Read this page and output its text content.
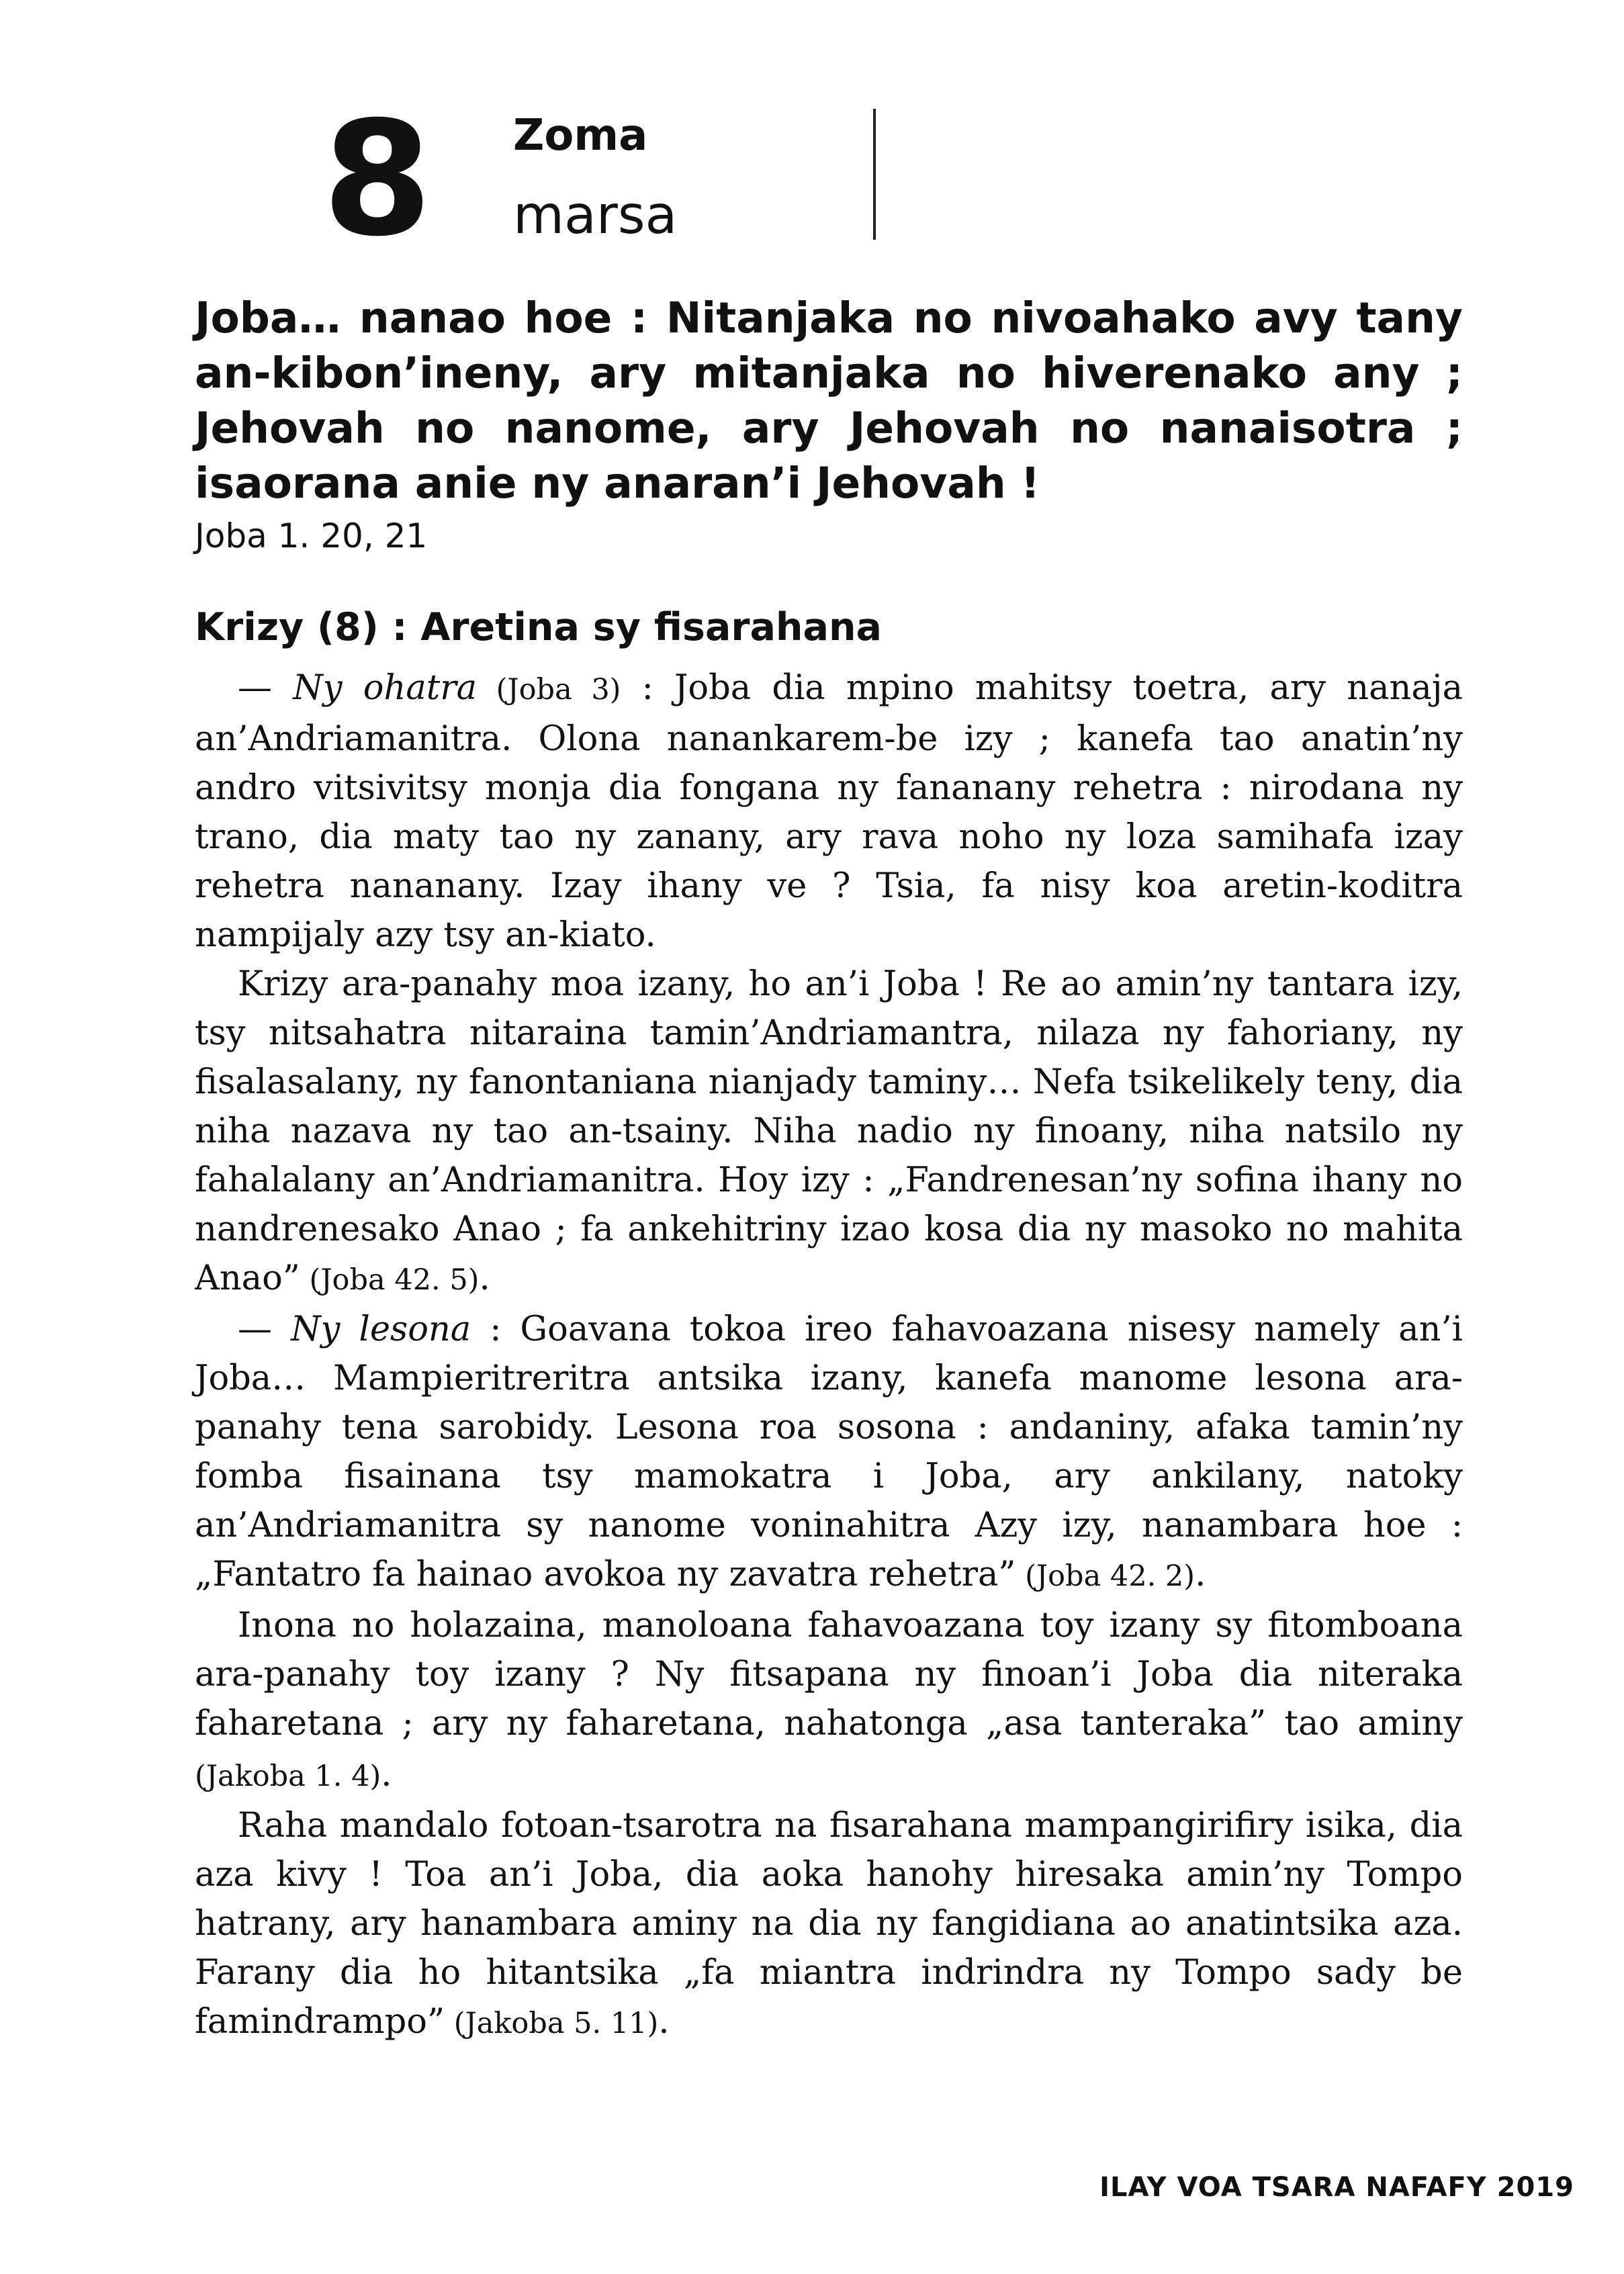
8 Zoma
marsa
Joba… nanao hoe : Nitanjaka no nivoahako avy tany an-kibon’ineny, ary mitanjaka no hiverenako any ; Jehovah no nanome, ary Jehovah no nanaisotra ; isaorana anie ny anaran’i Jehovah !
Joba 1. 20, 21
Krizy (8) : Aretina sy fisarahana

— Ny ohatra (Joba 3) : Joba dia mpino mahitsy toetra, ary nanaja an’Andriamanitra. Olona nanankarem-be izy ; kanefa tao anatin’ny andro vitsivitsy monja dia fongana ny fananany rehetra : nirodana ny trano, dia maty tao ny zanany, ary rava noho ny loza samihafa izay rehetra nananany. Izay ihany ve ? Tsia, fa nisy koa aretin-koditra nampijaly azy tsy an-kiato.

Krizy ara-panahy moa izany, ho an’i Joba ! Re ao amin’ny tantara izy, tsy nitsahatra nitaraina tamin’Andriamantra, nilaza ny fahoriany, ny fisalasalany, ny fanontaniana nianjady taminy… Nefa tsikelikely teny, dia niha nazava ny tao an-tsainy. Niha nadio ny finoany, niha natsilo ny fahalalany an’Andriamanitra. Hoy izy : „Fandrenesan’ny sofina ihany no nandrenesako Anao ; fa ankehitriny izao kosa dia ny masoko no mahita Anao” (Joba 42. 5).

— Ny lesona : Goavana tokoa ireo fahavoazana nisesy namely an’i Joba… Mampieritreritra antsika izany, kanefa manome lesona ara-panahy tena sarobidy. Lesona roa sosona : andaniny, afaka tamin’ny fomba fisainana tsy mamokatra i Joba, ary ankilany, natoky an’Andriamanitra sy nanome voninahitra Azy izy, nanambara hoe : „Fantatro fa hainao avokoa ny zavatra rehetra” (Joba 42. 2).

Inona no holazaina, manoloana fahavoazana toy izany sy fitomboana ara-panahy toy izany ? Ny fitsapana ny finoan’i Joba dia niteraka faharetana ; ary ny faharetana, nahatonga „asa tanteraka” tao aminy (Jakoba 1. 4).

Raha mandalo fotoan-tsarotra na fisarahana mampangirifiry isika, dia aza kivy ! Toa an’i Joba, dia aoka hanohy hiresaka amin’ny Tompo hatrany, ary hanambara aminy na dia ny fangidiana ao anatintsika aza. Farany dia ho hitantsika „fa miantra indrindra ny Tompo sady be famindrampo” (Jakoba 5. 11).

ILAY VOA TSARA NAFAFY 2019
